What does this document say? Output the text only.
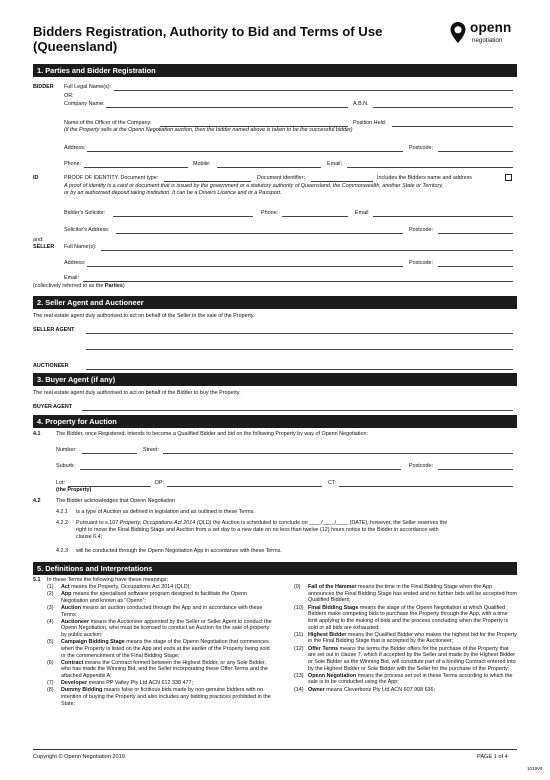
Bidders Registration, Authority to Bid and Terms of Use
(Queensland)
openn
negotiation
1. Parties and Bidder Registration
BIDDER Full Legal Name(s):
OR:
Company Name:	A.B.N.
Name of the Officer of the Company:	Position Held:
(if the Property sells at the Openn Negotiation auction, then the bidder named above is taken to be the successful bidder)
Address:	Postcode:
Phone:	Mobile:	Email:
ID	PROOF OF IDENTITY. Document type:	Document identifier:	Includes the Bidders name and address
A proof of identity is a card or document that is issued by the government or a statutory authority of Queensland, the Commonwealth, another State or Territory,
or by an authorised deposit taking institution. It can be a Drivers Licence and or a Passport.
Bidder's Solicitor:	Phone:	Email
Solicitor's Address:	Postcode:
and:
SELLER Full Name(s):
Address:	Postcode:
Email:
(collectively referred to as the Parties)
2. Seller Agent and Auctioneer
The real estate agent duly authorised to act on behalf of the Seller in the sale of the Property.
SELLER AGENT
AUCTIONEER
3. Buyer Agent (if any)
The real estate agent duly authorised to act on behalf of the Bidder to buy the Property.
BUYER AGENT
4. Property for Auction
4.1	The Bidder, once Registered, intends to become a Qualified Bidder and bid on the following Property by way of Openn Negotiation:
Number:	Street:
Suburb:	Postcode:
Lot:	DP:	CT:
(the Property)
4.2	The Bidder acknowledges that Openn Negotiation
4.2.1 is a type of Auction as defined in legislation and as outlined in these Terms.
4.2.2 Pursuant to s.107 Property, Occupations Act 2014 (QLD) the Auction is scheduled to conclude on ____/____/____ (DATE), however, the Seller reserves the
right to move the Final Bidding Stage and Auction from a set day to a new date on no less than twelve (12) hours notice to the Bidder in accordance with
clause 6.4;
4.2.3 will be conducted through the Openn Negotiation App in accordance with these Terms.
5. Definitions and Interpretations
5.1 In these Terms the following have these meanings:
(1) Act means the Property, Occupations Act 2014 (QLD);
(2) App means the specialised software program designed to facilitate the Openn Negotiation and known as “Openn”;
(3) Auction means an auction conducted through the App and in accordance with these Terms;
(4) Auctioneer means the Auctioneer appointed by the Seller or Seller Agent to conduct the Openn Negotiation, who must be licensed to conduct an Auction for the sale of property by public auction;
(5) Campaign Bidding Stage means the stage of the Openn Negotiation that commences when the Property is listed on the App and ends at the earlier of the Property being sold or the commencement of the Final Bidding Stage;
(6) Contract means the Contract formed between the Highest Bidder, or any Sole Bidder, who has made the Winning Bid, and the Seller incorporating these Offer Terms and the attached Appendix A;
(7) Developer means PP Valley Pty Ltd ACN 612 338 477;
(8) Dummy Bidding means false or fictitious bids made by non-genuine bidders with no intention of buying the Property and also includes any bidding practices prohibited in the State;
(9) Fall of the Hammer means the time in the Final Bidding Stage when the App announces the Final Bidding Stage has ended and no further bids will be accepted from Qualified Bidders;
(10) Final Bidding Stage means the stage of the Openn Negotiation at which Qualified Bidders make competing bids to purchase the Property through the App, with a time limit applying to the making of bids and the process concluding when the Property is sold or all bids are exhausted;
(11) Highest Bidder means the Qualified Bidder who makes the highest bid for the Property in the Final Bidding Stage that is accepted by the Auctioneer;
(12) Offer Terms means the terms the Bidder offers for the purchase of the Property that are set out in clause 7, which if accepted by the Seller and made by the Highest Bidder or Sole Bidder as the Winning Bid, will constitute part of a binding Contract entered into by the Highest Bidder or Sole Bidder with the Seller for the purchase of the Property;
(13) Openn Negotiation means the process set out in these Terms according to which the sale is to be conducted using the App;
(14) Owner means Cleverbons Pty Ltd ACN 607 908 636;
Copyright © Openn Negotiation 2019	PAGE 1 of 4
1019V8
